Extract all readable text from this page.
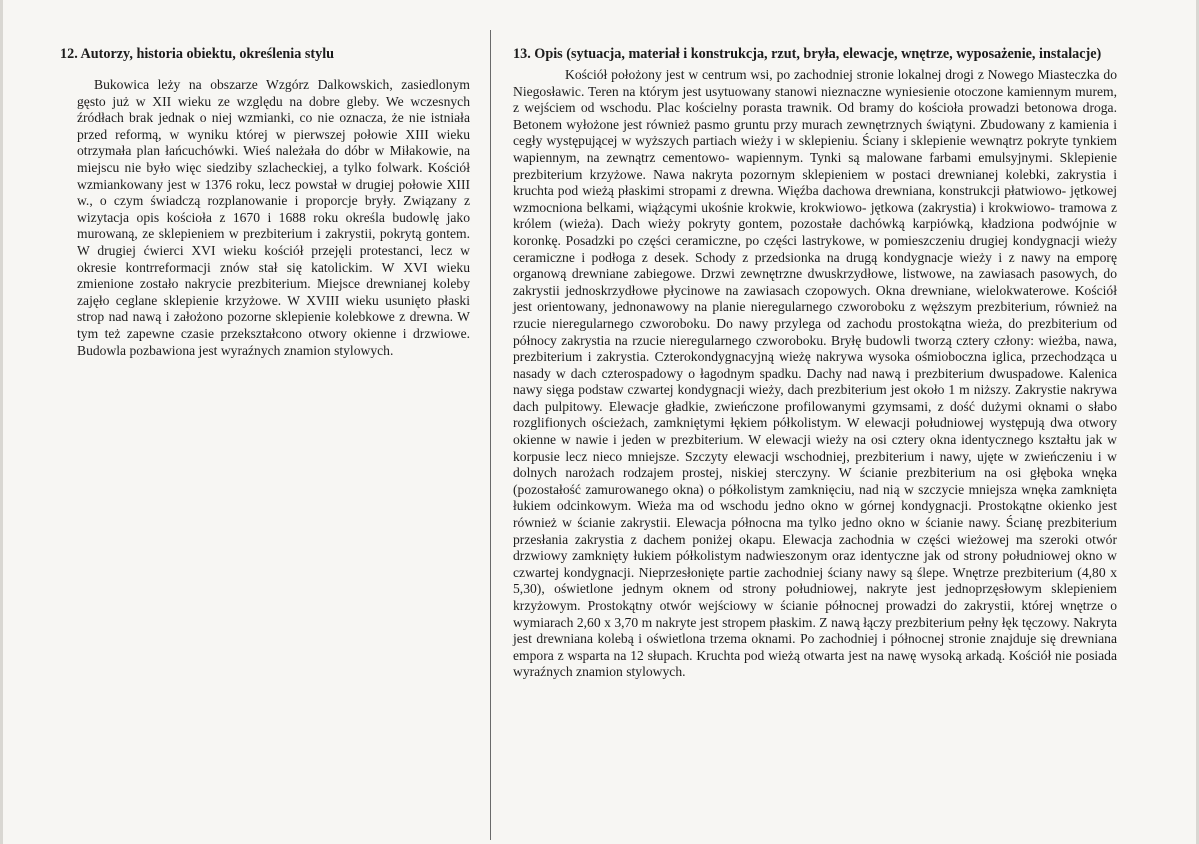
12. Autorzy, historia obiektu, określenia stylu

Bukowica leży na obszarze Wzgórz Dalkowskich, zasiedlonym gęsto już w XII wieku ze względu na dobre gleby. We wczesnych źródłach brak jednak o niej wzmianki, co nie oznacza, że nie istniała przed reformą, w wyniku której w pierwszej połowie XIII wieku otrzymała plan łańcuchówki. Wieś należała do dóbr w Miłakowie, na miejscu nie było więc siedziby szlacheckiej, a tylko folwark. Kościół wzmiankowany jest w 1376 roku, lecz powstał w drugiej połowie XIII w., o czym świadczą rozplanowanie i proporcje bryły. Związany z wizytacja opis kościoła z 1670 i 1688 roku określa budowlę jako murowaną, ze sklepieniem w prezbiterium i zakrystii, pokrytą gontem. W drugiej ćwierci XVI wieku kościół przejęli protestanci, lecz w okresie kontrreformacji znów stał się katolickim. W XVI wieku zmienione zostało nakrycie prezbiterium. Miejsce drewnianej koleby zajęło ceglane sklepienie krzyżowe. W XVIII wieku usunięto płaski strop nad nawą i założono pozorne sklepienie kolebkowe z drewna. W tym też zapewne czasie przekształcono otwory okienne i drzwiowe. Budowla pozbawiona jest wyraźnych znamion stylowych.

13. Opis (sytuacja, materiał i konstrukcja, rzut, bryła, elewacje, wnętrze, wyposażenie, instalacje)

Kościół położony jest w centrum wsi, po zachodniej stronie lokalnej drogi z Nowego Miasteczka do Niegosławic. Teren na którym jest usytuowany stanowi nieznaczne wyniesienie otoczone kamiennym murem, z wejściem od wschodu. Plac kościelny porasta trawnik. Od bramy do kościoła prowadzi betonowa droga. Betonem wyłożone jest również pasmo gruntu przy murach zewnętrznych świątyni. Zbudowany z kamienia i cegły występującej w wyższych partiach wieży i w sklepieniu. Ściany i sklepienie wewnątrz pokryte tynkiem wapiennym, na zewnątrz cementowo- wapiennym. Tynki są malowane farbami emulsyjnymi. Sklepienie prezbiterium krzyżowe. Nawa nakryta pozornym sklepieniem w postaci drewnianej kolebki, zakrystia i kruchta pod wieżą płaskimi stropami z drewna. Więźba dachowa drewniana, konstrukcji płatwiowo- jętkowej wzmocniona belkami, wiążącymi ukośnie krokwie, krokwiowo- jętkowa (zakrystia) i krokwiowo- tramowa z królem (wieża). Dach wieży pokryty gontem, pozostałe dachówką karpiówką, kładziona podwójnie w koronkę. Posadzki po części ceramiczne, po części lastrykowe, w pomieszczeniu drugiej kondygnacji wieży ceramiczne i podłoga z desek. Schody z przedsionka na drugą kondygnacje wieży i z nawy na emporę organową drewniane zabiegowe. Drzwi zewnętrzne dwuskrzydłowe, listwowe, na zawiasach pasowych, do zakrystii jednoskrzydłowe płycinowe na zawiasach czopowych. Okna drewniane, wielokwaterowe. Kościół jest orientowany, jednonawowy na planie nieregularnego czworoboku z węższym prezbiterium, również na rzucie nieregularnego czworoboku. Do nawy przylega od zachodu prostokątna wieża, do prezbiterium od północy zakrystia na rzucie nieregularnego czworoboku. Bryłę budowli tworzą cztery człony: wieżba, nawa, prezbiterium i zakrystia. Czterokondygnacyjną wieżę nakrywa wysoka ośmioboczna iglica, przechodząca u nasady w dach czterospadowy o łagodnym spadku. Dachy nad nawą i prezbiterium dwuspadowe. Kalenica nawy sięga podstaw czwartej kondygnacji wieży, dach prezbiterium jest około 1 m niższy. Zakrystie nakrywa dach pulpitowy. Elewacje gładkie, zwieńczone profilowanymi gzymsami, z dość dużymi oknami o słabo rozglifionych ościeżach, zamkniętymi łękiem półkolistym. W elewacji południowej występują dwa otwory okienne w nawie i jeden w prezbiterium. W elewacji wieży na osi cztery okna identycznego kształtu jak w korpusie lecz nieco mniejsze. Szczyty elewacji wschodniej, prezbiterium i nawy, ujęte w zwieńczeniu i w dolnych narożach rodzajem prostej, niskiej sterczyny. W ścianie prezbiterium na osi głęboka wnęka (pozostałość zamurowanego okna) o półkolistym zamknięciu, nad nią w szczycie mniejsza wnęka zamknięta łukiem odcinkowym. Wieża ma od wschodu jedno okno w górnej kondygnacji. Prostokątne okienko jest również w ścianie zakrystii. Elewacja północna ma tylko jedno okno w ścianie nawy. Ścianę prezbiterium przesłania zakrystia z dachem poniżej okapu. Elewacja zachodnia w części wieżowej ma szeroki otwór drzwiowy zamknięty łukiem półkolistym nadwieszonym oraz identyczne jak od strony południowej okno w czwartej kondygnacji. Nieprzesłonięte partie zachodniej ściany nawy są ślepe. Wnętrze prezbiterium (4,80 x 5,30), oświetlone jednym oknem od strony południowej, nakryte jest jednoprzęsłowym sklepieniem krzyżowym. Prostokątny otwór wejściowy w ścianie północnej prowadzi do zakrystii, której wnętrze o wymiarach 2,60 x 3,70 m nakryte jest stropem płaskim. Z nawą łączy prezbiterium pełny łęk tęczowy. Nakryta jest drewniana kolebą i oświetlona trzema oknami. Po zachodniej i północnej stronie znajduje się drewniana empora z wsparta na 12 słupach. Kruchta pod wieżą otwarta jest na nawę wysoką arkadą. Kościół nie posiada wyraźnych znamion stylowych.
